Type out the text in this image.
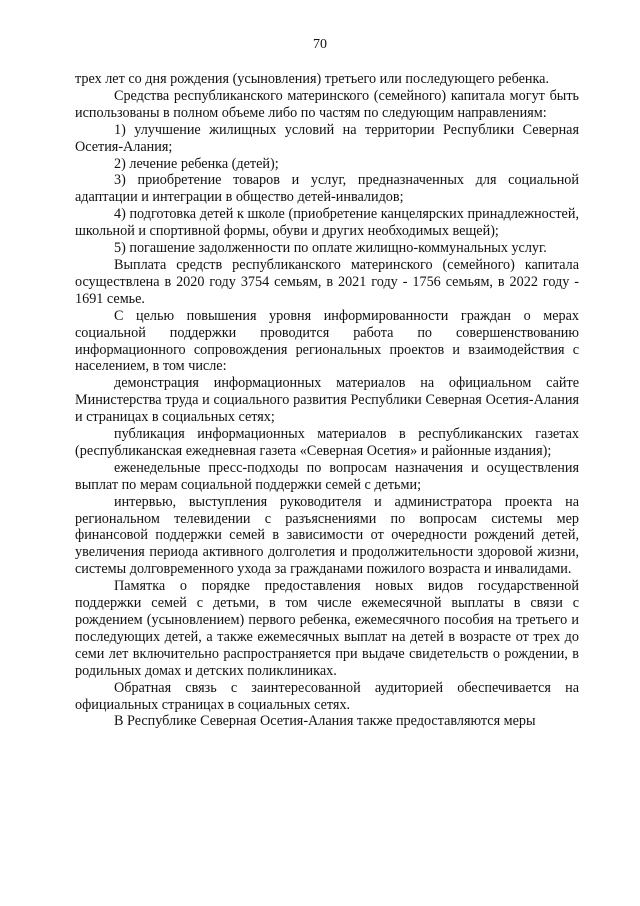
70

трех лет со дня рождения (усыновления) третьего или последующего ребенка.

Средства республиканского материнского (семейного) капитала могут быть использованы в полном объеме либо по частям по следующим направлениям:

1) улучшение жилищных условий на территории Республики Северная Осетия-Алания;

2) лечение ребенка (детей);

3) приобретение товаров и услуг, предназначенных для социальной адаптации и интеграции в общество детей-инвалидов;

4) подготовка детей к школе (приобретение канцелярских принадлежностей, школьной и спортивной формы, обуви и других необходимых вещей);

5) погашение задолженности по оплате жилищно-коммунальных услуг.

Выплата средств республиканского материнского (семейного) капитала осуществлена в 2020 году 3754 семьям, в 2021 году - 1756 семьям, в 2022 году - 1691 семье.

С целью повышения уровня информированности граждан о мерах социальной поддержки проводится работа по совершенствованию информационного сопровождения региональных проектов и взаимодействия с населением, в том числе:

демонстрация информационных материалов на официальном сайте Министерства труда и социального развития Республики Северная Осетия-Алания и страницах в социальных сетях;

публикация информационных материалов в республиканских газетах (республиканская ежедневная газета «Северная Осетия» и районные издания);

еженедельные пресс-подходы по вопросам назначения и осуществления выплат по мерам социальной поддержки семей с детьми;

интервью, выступления руководителя и администратора проекта на региональном телевидении с разъяснениями по вопросам системы мер финансовой поддержки семей в зависимости от очередности рождений детей, увеличения периода активного долголетия и продолжительности здоровой жизни, системы долговременного ухода за гражданами пожилого возраста и инвалидами.

Памятка о порядке предоставления новых видов государственной поддержки семей с детьми, в том числе ежемесячной выплаты в связи с рождением (усыновлением) первого ребенка, ежемесячного пособия на третьего и последующих детей, а также ежемесячных выплат на детей в возрасте от трех до семи лет включительно распространяется при выдаче свидетельств о рождении, в родильных домах и детских поликлиниках.

Обратная связь с заинтересованной аудиторией обеспечивается на официальных страницах в социальных сетях.

В Республике Северная Осетия-Алания также предоставляются меры
